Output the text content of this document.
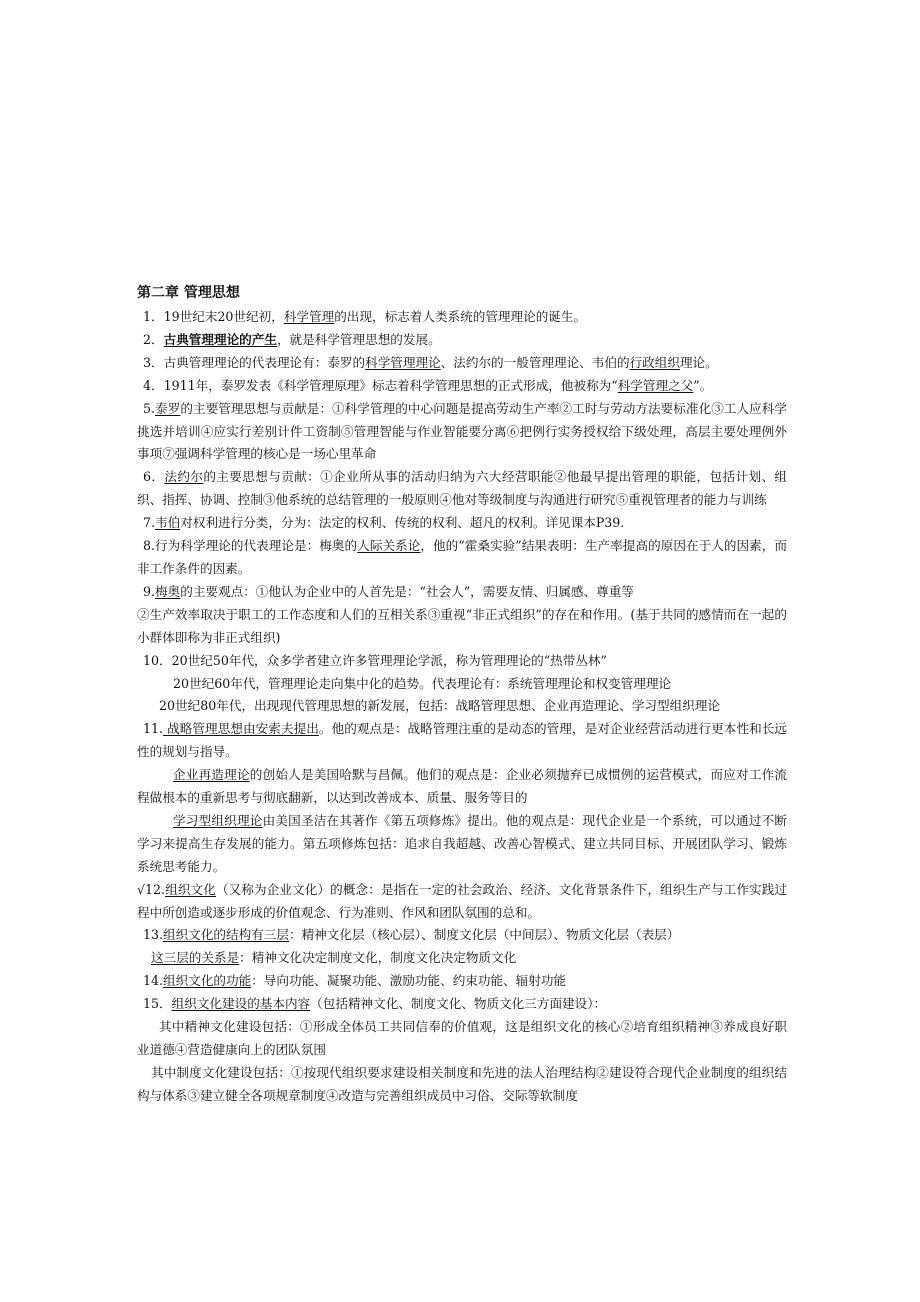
第二章 管理思想

1．19世纪末20世纪初，科学管理的出现，标志着人类系统的管理理论的诞生。

2．古典管理理论的产生，就是科学管理思想的发展。

3．古典管理理论的代表理论有：泰罗的科学管理理论、法约尔的一般管理理论、韦伯的行政组织理论。

4．1911年，泰罗发表《科学管理原理》标志着科学管理思想的正式形成，他被称为“科学管理之父”。

5.泰罗的主要管理思想与贡献是：①科学管理的中心问题是提高劳动生产率②工时与劳动方法要标准化③工人应科学挑选并培训④应实行差别计件工资制⑤管理智能与作业智能要分离⑥把例行实务授权给下级处理，高层主要处理例外事项⑦强调科学管理的核心是一场心里革命

6．法约尔的主要思想与贡献：①企业所从事的活动归纳为六大经营职能②他最早提出管理的职能，包括计划、组织、指挥、协调、控制③他系统的总结管理的一般原则④他对等级制度与沟通进行研究⑤重视管理者的能力与训练

7.韦伯对权利进行分类，分为：法定的权利、传统的权利、超凡的权利。详见课本P39.

8.行为科学理论的代表理论是：梅奥的人际关系论，他的“霍桑实验”结果表明：生产率提高的原因在于人的因素，而非工作条件的因素。

9.梅奥的主要观点：①他认为企业中的人首先是：“社会人”，需要友情、归属感、尊重等

②生产效率取决于职工的工作态度和人们的互相关系③重视“非正式组织”的存在和作用。(基于共同的感情而在一起的小群体即称为非正式组织)

10．20世纪50年代，众多学者建立许多管理理论学派，称为管理理论的“热带丛林”

20世纪60年代，管理理论走向集中化的趋势。代表理论有：系统管理理论和权变管理理论

20世纪80年代，出现现代管理思想的新发展，包括：战略管理思想、企业再造理论、学习型组织理论

11. 战略管理思想由安索夫提出。他的观点是：战略管理注重的是动态的管理，是对企业经营活动进行更本性和长远性的规划与指导。

企业再造理论的创始人是美国哈默与昌佩。他们的观点是：企业必须抛弃已成惯例的运营模式，而应对工作流程做根本的重新思考与彻底翻新，以达到改善成本、质量、服务等目的

学习型组织理论由美国圣洁在其著作《第五项修炼》提出。他的观点是：现代企业是一个系统，可以通过不断学习来提高生存发展的能力。第五项修炼包括：追求自我超越、改善心智模式、建立共同目标、开展团队学习、锻炼系统思考能力。

√12.组织文化（又称为企业文化）的概念：是指在一定的社会政治、经济、文化背景条件下，组织生产与工作实践过程中所创造或逐步形成的价值观念、行为准则、作风和团队氛围的总和。

13.组织文化的结构有三层：精神文化层（核心层）、制度文化层（中间层）、物质文化层（表层）

这三层的关系是：精神文化决定制度文化，制度文化决定物质文化

14.组织文化的功能：导向功能、凝聚功能、激励功能、约束功能、辐射功能

15．组织文化建设的基本内容（包括精神文化、制度文化、物质文化三方面建设）：

其中精神文化建设包括：①形成全体员工共同信奉的价值观，这是组织文化的核心②培育组织精神③养成良好职业道德④营造健康向上的团队氛围

其中制度文化建设包括：①按现代组织要求建设相关制度和先进的法人治理结构②建设符合现代企业制度的组织结构与体系③建立健全各项规章制度④改造与完善组织成员中习俗、交际等软制度
